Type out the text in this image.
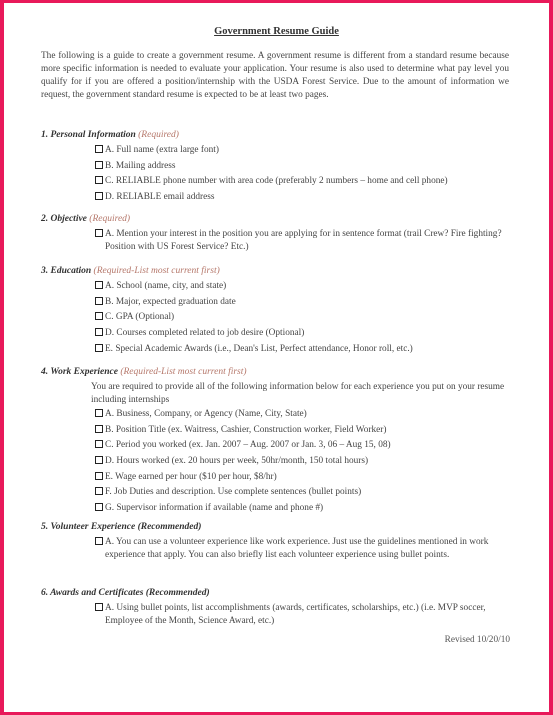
Government Resume Guide
The following is a guide to create a government resume. A government resume is different from a standard resume because more specific information is needed to evaluate your application. Your resume is also used to determine what pay level you qualify for if you are offered a position/internship with the USDA Forest Service. Due to the amount of information we request, the government standard resume is expected to be at least two pages.
1. Personal Information (Required)
A. Full name (extra large font)
B. Mailing address
C. RELIABLE phone number with area code (preferably 2 numbers – home and cell phone)
D. RELIABLE email address
2. Objective (Required)
A. Mention your interest in the position you are applying for in sentence format (trail Crew? Fire fighting? Position with US Forest Service? Etc.)
3. Education (Required-List most current first)
A. School (name, city, and state)
B. Major, expected graduation date
C. GPA (Optional)
D. Courses completed related to job desire (Optional)
E. Special Academic Awards (i.e., Dean's List, Perfect attendance, Honor roll, etc.)
4. Work Experience (Required-List most current first)
You are required to provide all of the following information below for each experience you put on your resume including internships
A. Business, Company, or Agency (Name, City, State)
B. Position Title (ex. Waitress, Cashier, Construction worker, Field Worker)
C. Period you worked (ex. Jan. 2007 – Aug. 2007 or Jan. 3, 06 – Aug 15, 08)
D. Hours worked (ex. 20 hours per week, 50hr/month, 150 total hours)
E. Wage earned per hour ($10 per hour, $8/hr)
F. Job Duties and description. Use complete sentences (bullet points)
G. Supervisor information if available (name and phone #)
5. Volunteer Experience (Recommended)
A. You can use a volunteer experience like work experience. Just use the guidelines mentioned in work experience that apply. You can also briefly list each volunteer experience using bullet points.
6. Awards and Certificates (Recommended)
A. Using bullet points, list accomplishments (awards, certificates, scholarships, etc.) (i.e. MVP soccer, Employee of the Month, Science Award, etc.)
Revised 10/20/10
